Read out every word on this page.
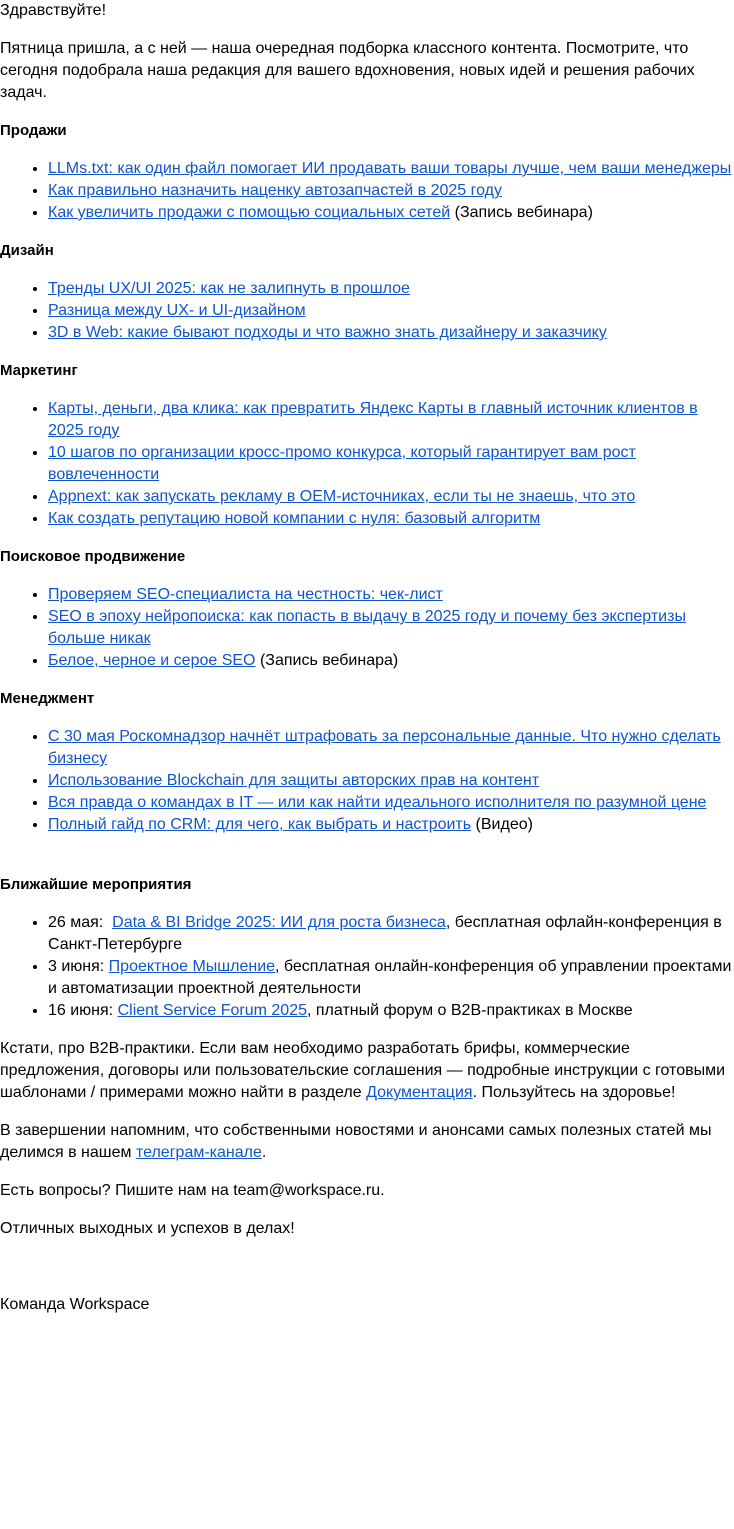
Здравствуйте!

Пятница пришла, а с ней — наша очередная подборка классного контента. Посмотрите, что сегодня подобрала наша редакция для вашего вдохновения, новых идей и решения рабочих задач.

Продажи
• LLMs.txt: как один файл помогает ИИ продавать ваши товары лучше, чем ваши менеджеры
• Как правильно назначить наценку автозапчастей в 2025 году
• Как увеличить продажи с помощью социальных сетей (Запись вебинара)
Дизайн
• Тренды UX/UI 2025: как не залипнуть в прошлое
• Разница между UX- и UI-дизайном
• 3D в Web: какие бывают подходы и что важно знать дизайнеру и заказчику
Маркетинг
• Карты, деньги, два клика: как превратить Яндекс Карты в главный источник клиентов в 2025 году
• 10 шагов по организации кросс-промо конкурса, который гарантирует вам рост вовлеченности
• Appnext: как запускать рекламу в OEM-источниках, если ты не знаешь, что это
• Как создать репутацию новой компании с нуля: базовый алгоритм
Поисковое продвижение
• Проверяем SEO-специалиста на честность: чек-лист
• SEO в эпоху нейропоиска: как попасть в выдачу в 2025 году и почему без экспертизы больше никак
• Белое, черное и серое SEO (Запись вебинара)
Менеджмент
• С 30 мая Роскомнадзор начнёт штрафовать за персональные данные. Что нужно сделать бизнесу
• Использование Blockchain для защиты авторских прав на контент
• Вся правда о командах в IT — или как найти идеального исполнителя по разумной цене
• Полный гайд по CRM: для чего, как выбрать и настроить (Видео)
Ближайшие мероприятия
• 26 мая:  Data & BI Bridge 2025: ИИ для роста бизнеса, бесплатная офлайн-конференция в Санкт-Петербурге
• 3 июня: Проектное Мышление, бесплатная онлайн-конференция об управлении проектами и автоматизации проектной деятельности
• 16 июня: Client Service Forum 2025, платный форум о B2B-практиках в Москве

Кстати, про B2B-практики. Если вам необходимо разработать брифы, коммерческие предложения, договоры или пользовательские соглашения — подробные инструкции с готовыми шаблонами / примерами можно найти в разделе Документация. Пользуйтесь на здоровье!

В завершении напомним, что собственными новостями и анонсами самых полезных статей мы делимся в нашем телеграм-канале.

Есть вопросы? Пишите нам на team@workspace.ru.

Отличных выходных и успехов в делах!

Команда Workspace
